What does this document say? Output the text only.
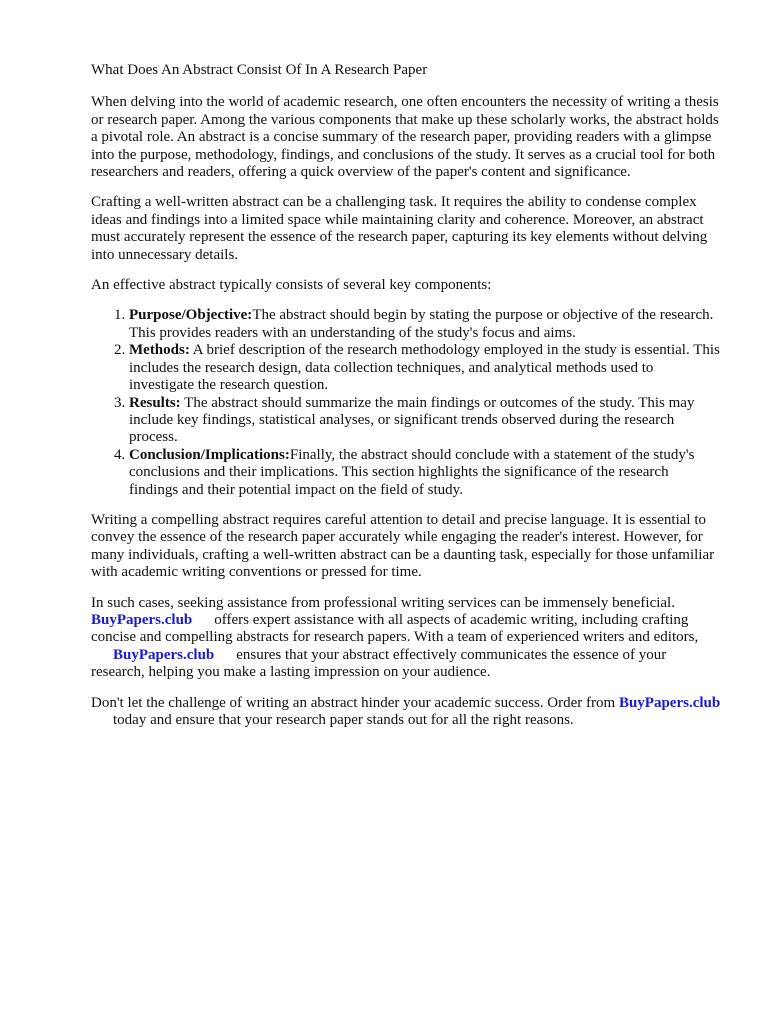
What Does An Abstract Consist Of In A Research Paper

When delving into the world of academic research, one often encounters the necessity of writing a thesis or research paper. Among the various components that make up these scholarly works, the abstract holds a pivotal role. An abstract is a concise summary of the research paper, providing readers with a glimpse into the purpose, methodology, findings, and conclusions of the study. It serves as a crucial tool for both researchers and readers, offering a quick overview of the paper's content and significance.

Crafting a well-written abstract can be a challenging task. It requires the ability to condense complex ideas and findings into a limited space while maintaining clarity and coherence. Moreover, an abstract must accurately represent the essence of the research paper, capturing its key elements without delving into unnecessary details.

An effective abstract typically consists of several key components:

1. Purpose/Objective:The abstract should begin by stating the purpose or objective of the research. This provides readers with an understanding of the study's focus and aims.
2. Methods: A brief description of the research methodology employed in the study is essential. This includes the research design, data collection techniques, and analytical methods used to investigate the research question.
3. Results: The abstract should summarize the main findings or outcomes of the study. This may include key findings, statistical analyses, or significant trends observed during the research process.
4. Conclusion/Implications:Finally, the abstract should conclude with a statement of the study's conclusions and their implications. This section highlights the significance of the research findings and their potential impact on the field of study.

Writing a compelling abstract requires careful attention to detail and precise language. It is essential to convey the essence of the research paper accurately while engaging the reader's interest. However, for many individuals, crafting a well-written abstract can be a daunting task, especially for those unfamiliar with academic writing conventions or pressed for time.

In such cases, seeking assistance from professional writing services can be immensely beneficial. BuyPapers.club offers expert assistance with all aspects of academic writing, including crafting concise and compelling abstracts for research papers. With a team of experienced writers and editors, BuyPapers.club ensures that your abstract effectively communicates the essence of your research, helping you make a lasting impression on your audience.

Don't let the challenge of writing an abstract hinder your academic success. Order from BuyPapers.clubtoday and ensure that your research paper stands out for all the right reasons.
